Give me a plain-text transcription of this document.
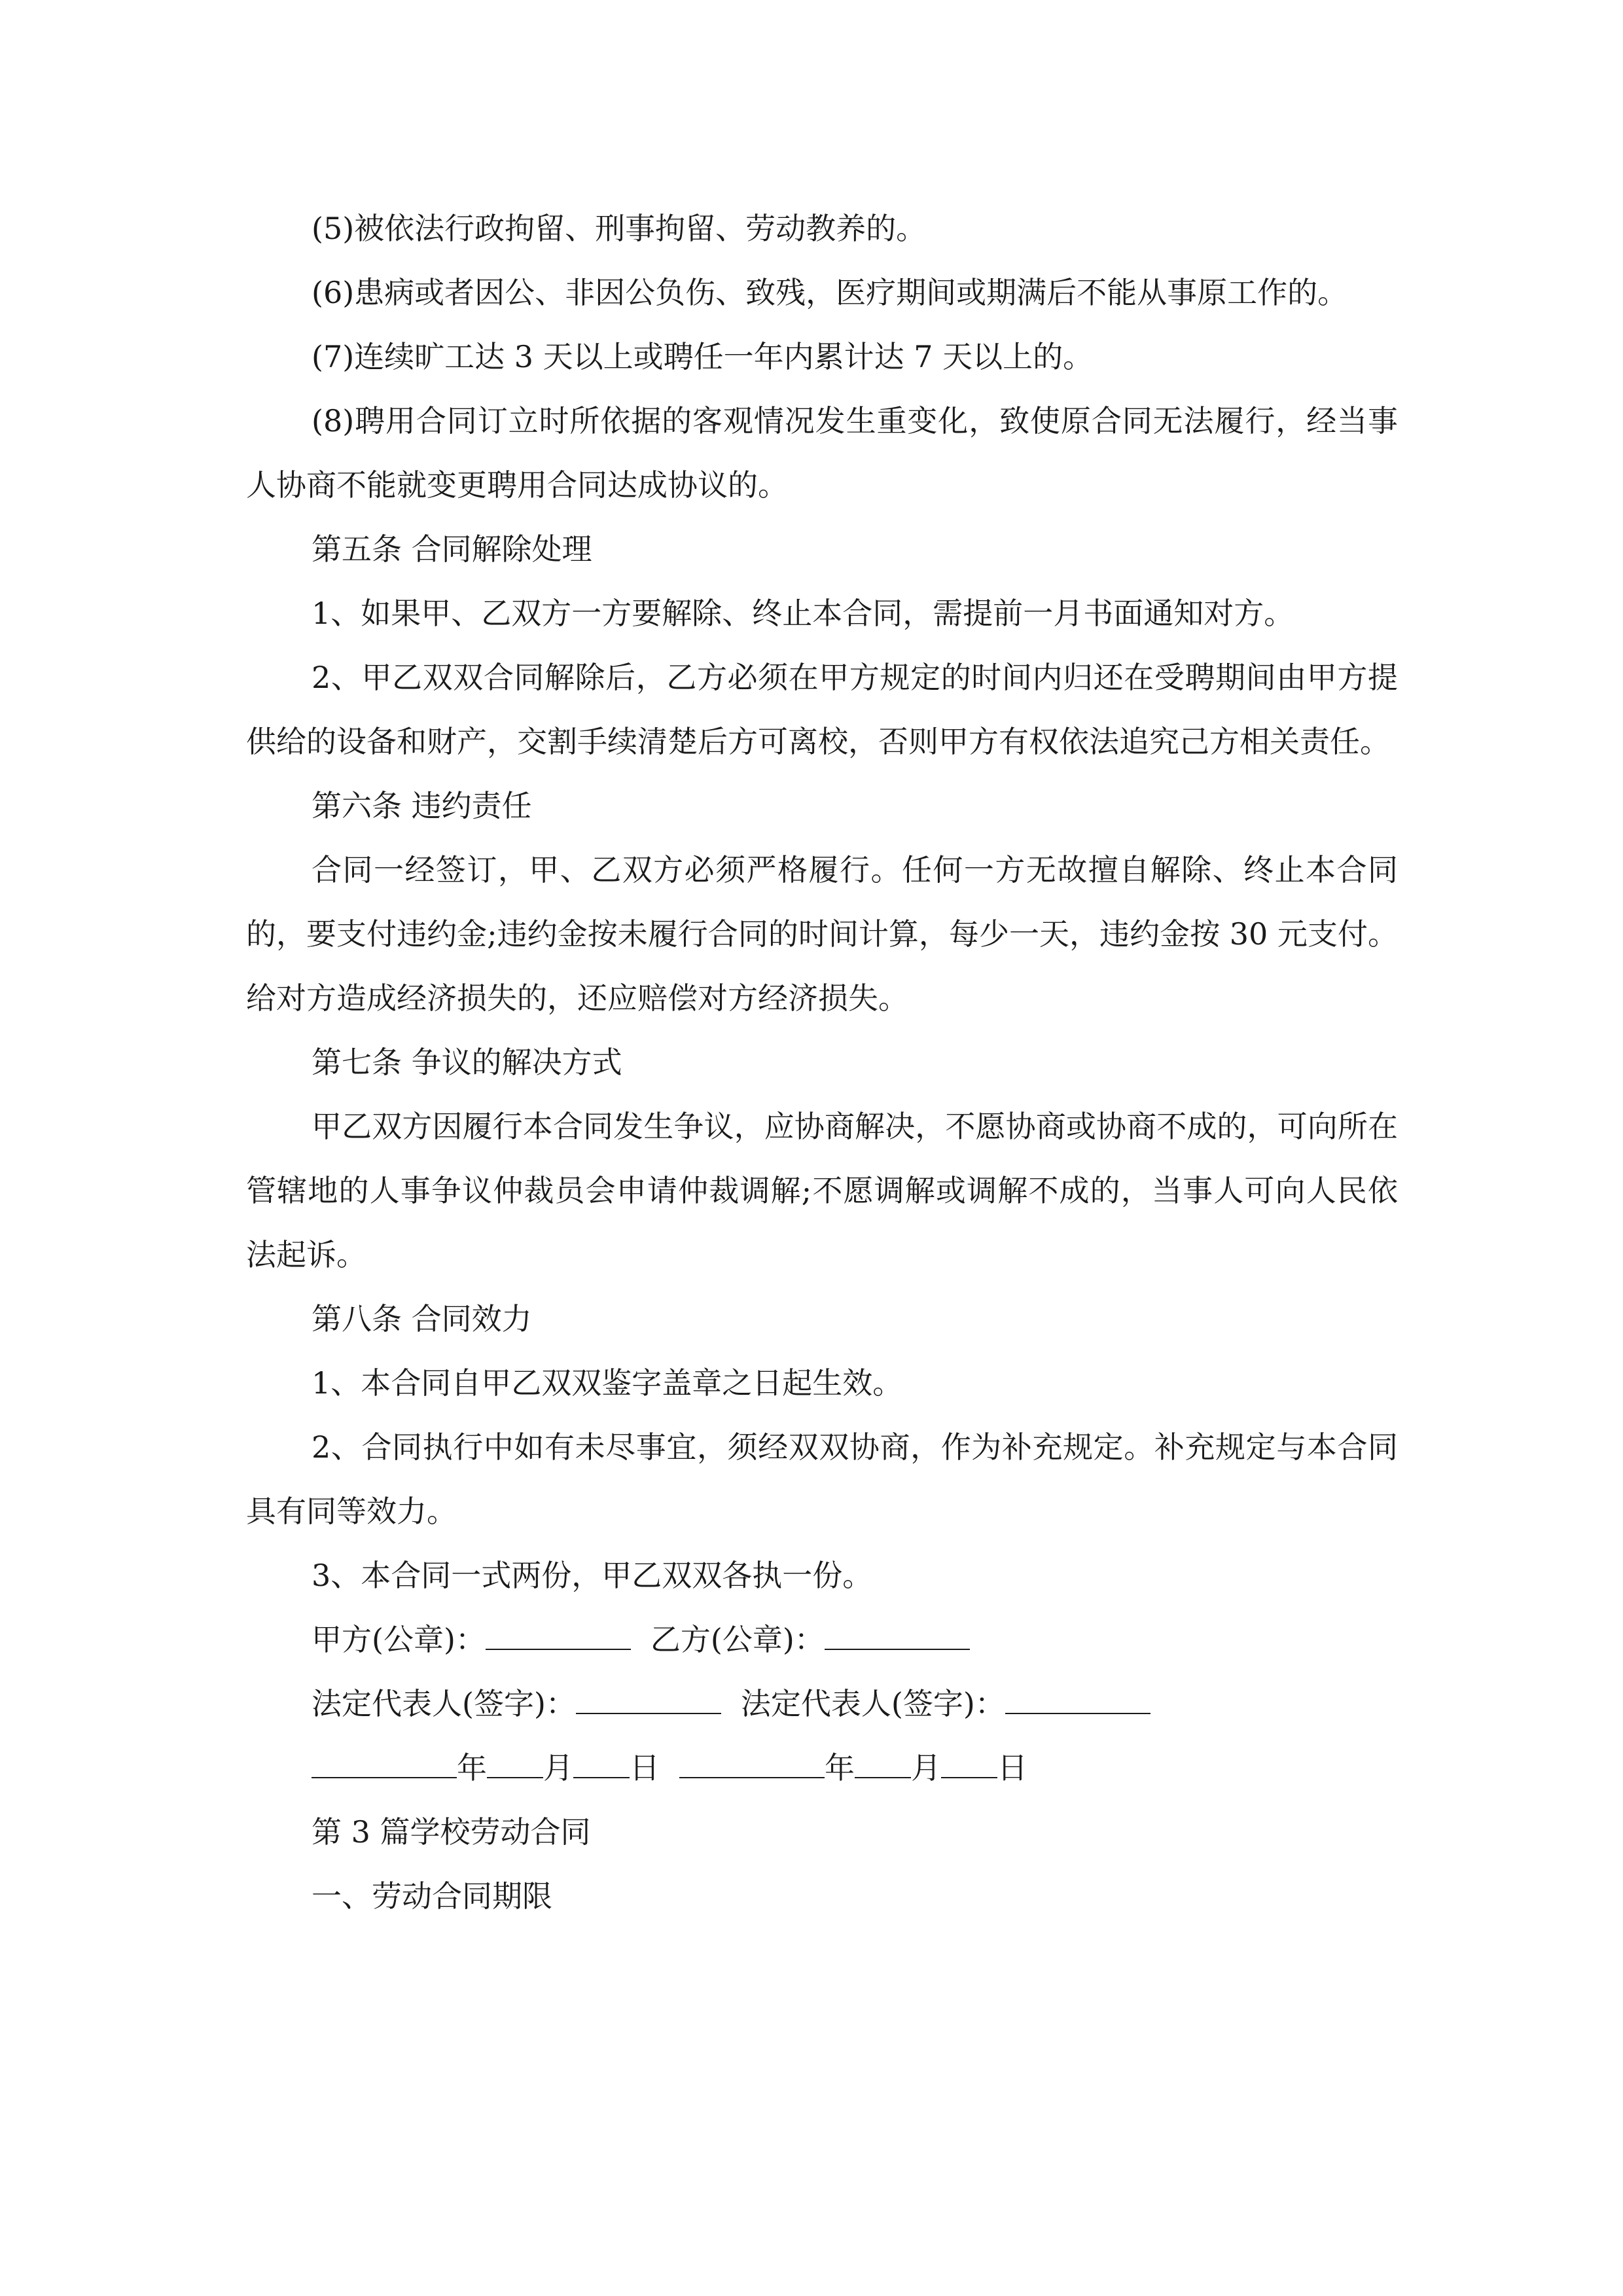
(5)被依法行政拘留、刑事拘留、劳动教养的。

(6)患病或者因公、非因公负伤、致残，医疗期间或期满后不能从事原工作的。

(7)连续旷工达 3 天以上或聘任一年内累计达 7 天以上的。

(8)聘用合同订立时所依据的客观情况发生重变化，致使原合同无法履行，经当事人协商不能就变更聘用合同达成协议的。

第五条 合同解除处理

1、如果甲、乙双方一方要解除、终止本合同，需提前一月书面通知对方。

2、甲乙双双合同解除后，乙方必须在甲方规定的时间内归还在受聘期间由甲方提供给的设备和财产，交割手续清楚后方可离校，否则甲方有权依法追究己方相关责任。

第六条 违约责任

合同一经签订，甲、乙双方必须严格履行。任何一方无故擅自解除、终止本合同的，要支付违约金;违约金按未履行合同的时间计算，每少一天，违约金按 30 元支付。给对方造成经济损失的，还应赔偿对方经济损失。

第七条 争议的解决方式

甲乙双方因履行本合同发生争议，应协商解决，不愿协商或协商不成的，可向所在管辖地的人事争议仲裁员会申请仲裁调解;不愿调解或调解不成的，当事人可向人民依法起诉。

第八条 合同效力

1、本合同自甲乙双双鉴字盖章之日起生效。

2、合同执行中如有未尽事宜，须经双双协商，作为补充规定。补充规定与本合同具有同等效力。

3、本合同一式两份，甲乙双双各执一份。

甲方(公章)：	乙方(公章)：
法定代表人(签字)：	法定代表人(签字)：
年 月 日	年 月 日

第 3 篇学校劳动合同

一、劳动合同期限
